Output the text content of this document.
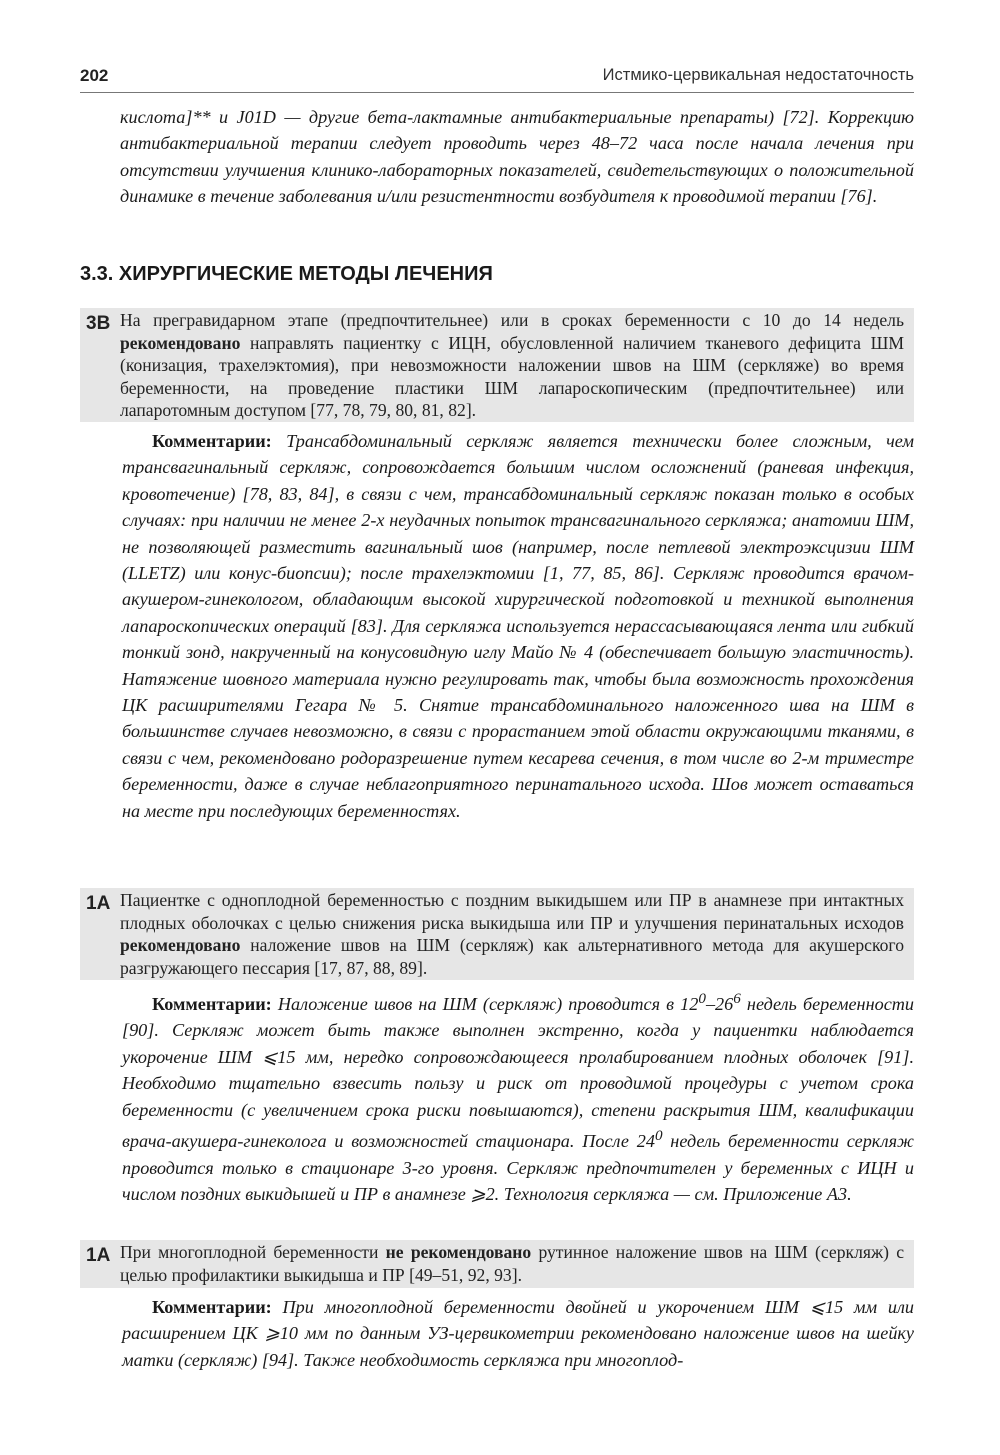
202	Истмико-цервикальная недостаточность

кислота]** и J01D — другие бета-лактамные антибактериальные препараты) [72]. Коррекцию антибактериальной терапии следует проводить через 48–72 часа после начала лечения при отсутствии улучшения клинико-лабораторных показателей, свидетельствующих о положительной динамике в течение заболевания и/или резистентности возбудителя к проводимой терапии [76].

3.3. ХИРУРГИЧЕСКИЕ МЕТОДЫ ЛЕЧЕНИЯ
3B На прегравидарном этапе (предпочтительнее) или в сроках беременности с 10 до 14 недель рекомендовано направлять пациентку с ИЦН, обусловленной наличием тканевого дефицита ШМ (конизация, трахелэктомия), при невозможности наложении швов на ШМ (серкляже) во время беременности, на проведение пластики ШМ лапароскопическим (предпочтительнее) или лапаротомным доступом [77, 78, 79, 80, 81, 82].

Комментарии: Трансабдоминальный серкляж является технически более сложным, чем трансвагинальный серкляж, сопровождается большим числом осложнений (раневая инфекция, кровотечение) [78, 83, 84], в связи с чем, трансабдоминальный серкляж показан только в особых случаях: при наличии не менее 2-х неудачных попыток трансвагинального серкляжа; анатомии ШМ, не позволяющей разместить вагинальный шов (например, после петлевой электроэксцизии ШМ (LLETZ) или конус-биопсии); после трахелэктомии [1, 77, 85, 86]. Серкляж проводится врачом-акушером-гинекологом, обладающим высокой хирургической подготовкой и техникой выполнения лапароскопических операций [83]. Для серкляжа используется нерассасывающаяся лента или гибкий тонкий зонд, накрученный на конусовидную иглу Майо № 4 (обеспечивает большую эластичность). Натяжение шовного материала нужно регулировать так, чтобы была возможность прохождения ЦК расширителями Гегара № 5. Снятие трансабдоминального наложенного шва на ШМ в большинстве случаев невозможно, в связи с прорастанием этой области окружающими тканями, в связи с чем, рекомендовано родоразрешение путем кесарева сечения, в том числе во 2-м триместре беременности, даже в случае неблагоприятного перинатального исхода. Шов может оставаться на месте при последующих беременностях.

1A Пациентке с одноплодной беременностью с поздним выкидышем или ПР в анамнезе при интактных плодных оболочках с целью снижения риска выкидыша или ПР и улучшения перинатальных исходов рекомендовано наложение швов на ШМ (серкляж) как альтернативного метода для акушерского разгружающего пессария [17, 87, 88, 89].

Комментарии: Наложение швов на ШМ (серкляж) проводится в $12^0-26^6$ недель беременности [90]. Серкляж может быть также выполнен экстренно, когда у пациентки наблюдается укорочение ШМ ⩽15 мм, нередко сопровождающееся пролабированием плодных оболочек [91]. Необходимо тщательно взвесить пользу и риск от проводимой процедуры с учетом срока беременности (с увеличением срока риски повышаются), степени раскрытия ШМ, квалификации врача-акушера-гинеколога и возможностей стационара. После $24^0$ недель беременности серкляж проводится только в стационаре 3-го уровня. Серкляж предпочтителен у беременных с ИЦН и числом поздних выкидышей и ПР в анамнезе ⩾2. Технология серкляжа — см. Приложение А3.

1A При многоплодной беременности не рекомендовано рутинное наложение швов на ШМ (серкляж) с целью профилактики выкидыша и ПР [49–51, 92, 93].

Комментарии: При многоплодной беременности двойней и укорочением ШМ ⩽15 мм или расширением ЦК ⩾10 мм по данным УЗ-цервикометрии рекомендовано наложение швов на шейку матки (серкляж) [94]. Также необходимость серкляжа при многоплод-
